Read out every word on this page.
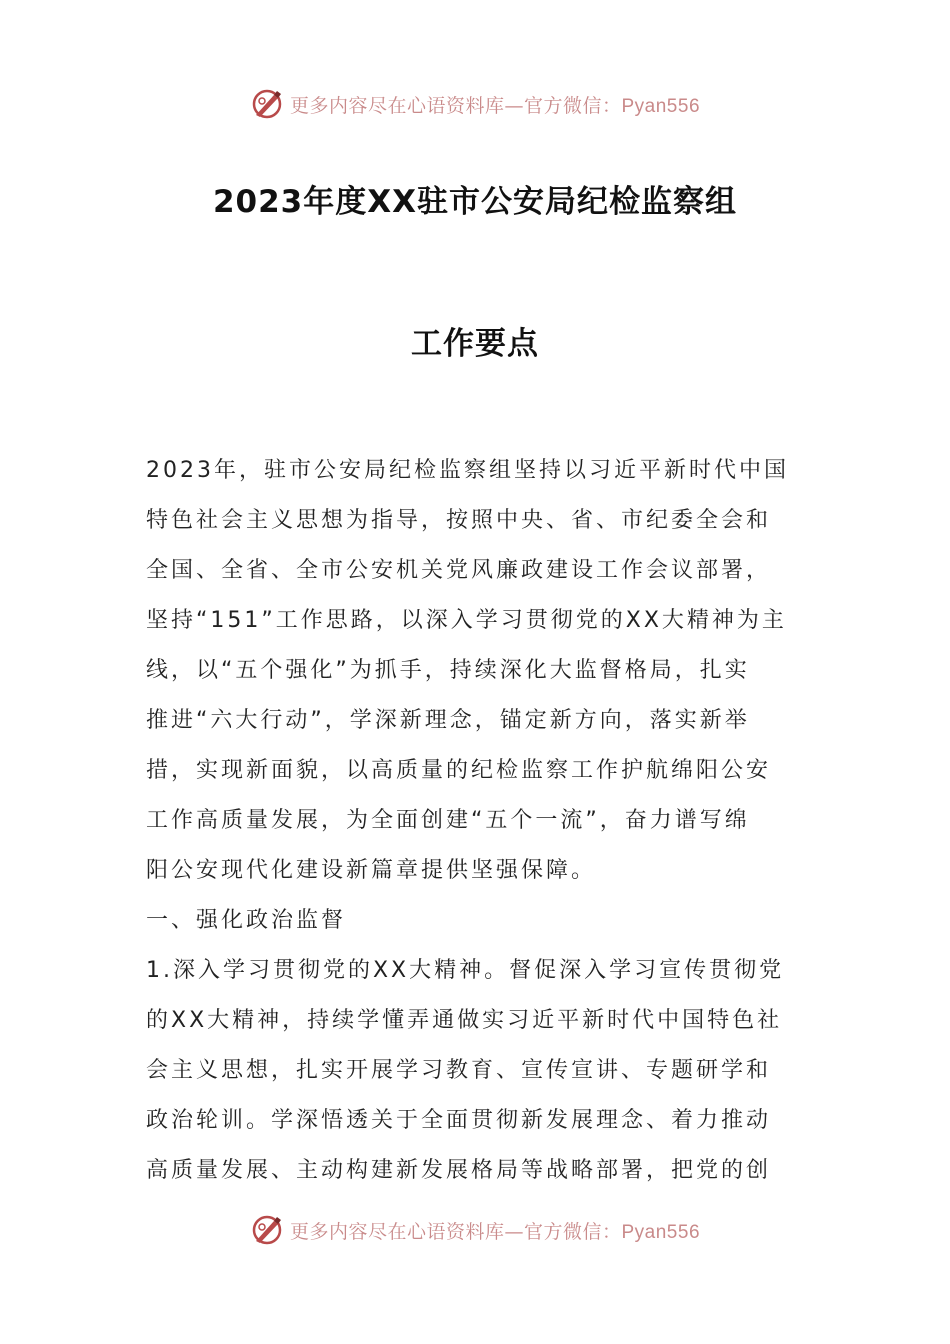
更多内容尽在心语资料库—官方微信：Pyan556
2023年度XX驻市公安局纪检监察组
工作要点
2023年，驻市公安局纪检监察组坚持以习近平新时代中国
特色社会主义思想为指导，按照中央、省、市纪委全会和
全国、全省、全市公安机关党风廉政建设工作会议部署，
坚持“151”工作思路，以深入学习贯彻党的XX大精神为主
线，以“五个强化”为抓手，持续深化大监督格局，扎实
推进“六大行动”，学深新理念，锚定新方向，落实新举
措，实现新面貌，以高质量的纪检监察工作护航绵阳公安
工作高质量发展，为全面创建“五个一流”，奋力谱写绵
阳公安现代化建设新篇章提供坚强保障。
一、强化政治监督
1.深入学习贯彻党的XX大精神。督促深入学习宣传贯彻党
的XX大精神，持续学懂弄通做实习近平新时代中国特色社
会主义思想，扎实开展学习教育、宣传宣讲、专题研学和
政治轮训。学深悟透关于全面贯彻新发展理念、着力推动
高质量发展、主动构建新发展格局等战略部署，把党的创
更多内容尽在心语资料库—官方微信：Pyan556
